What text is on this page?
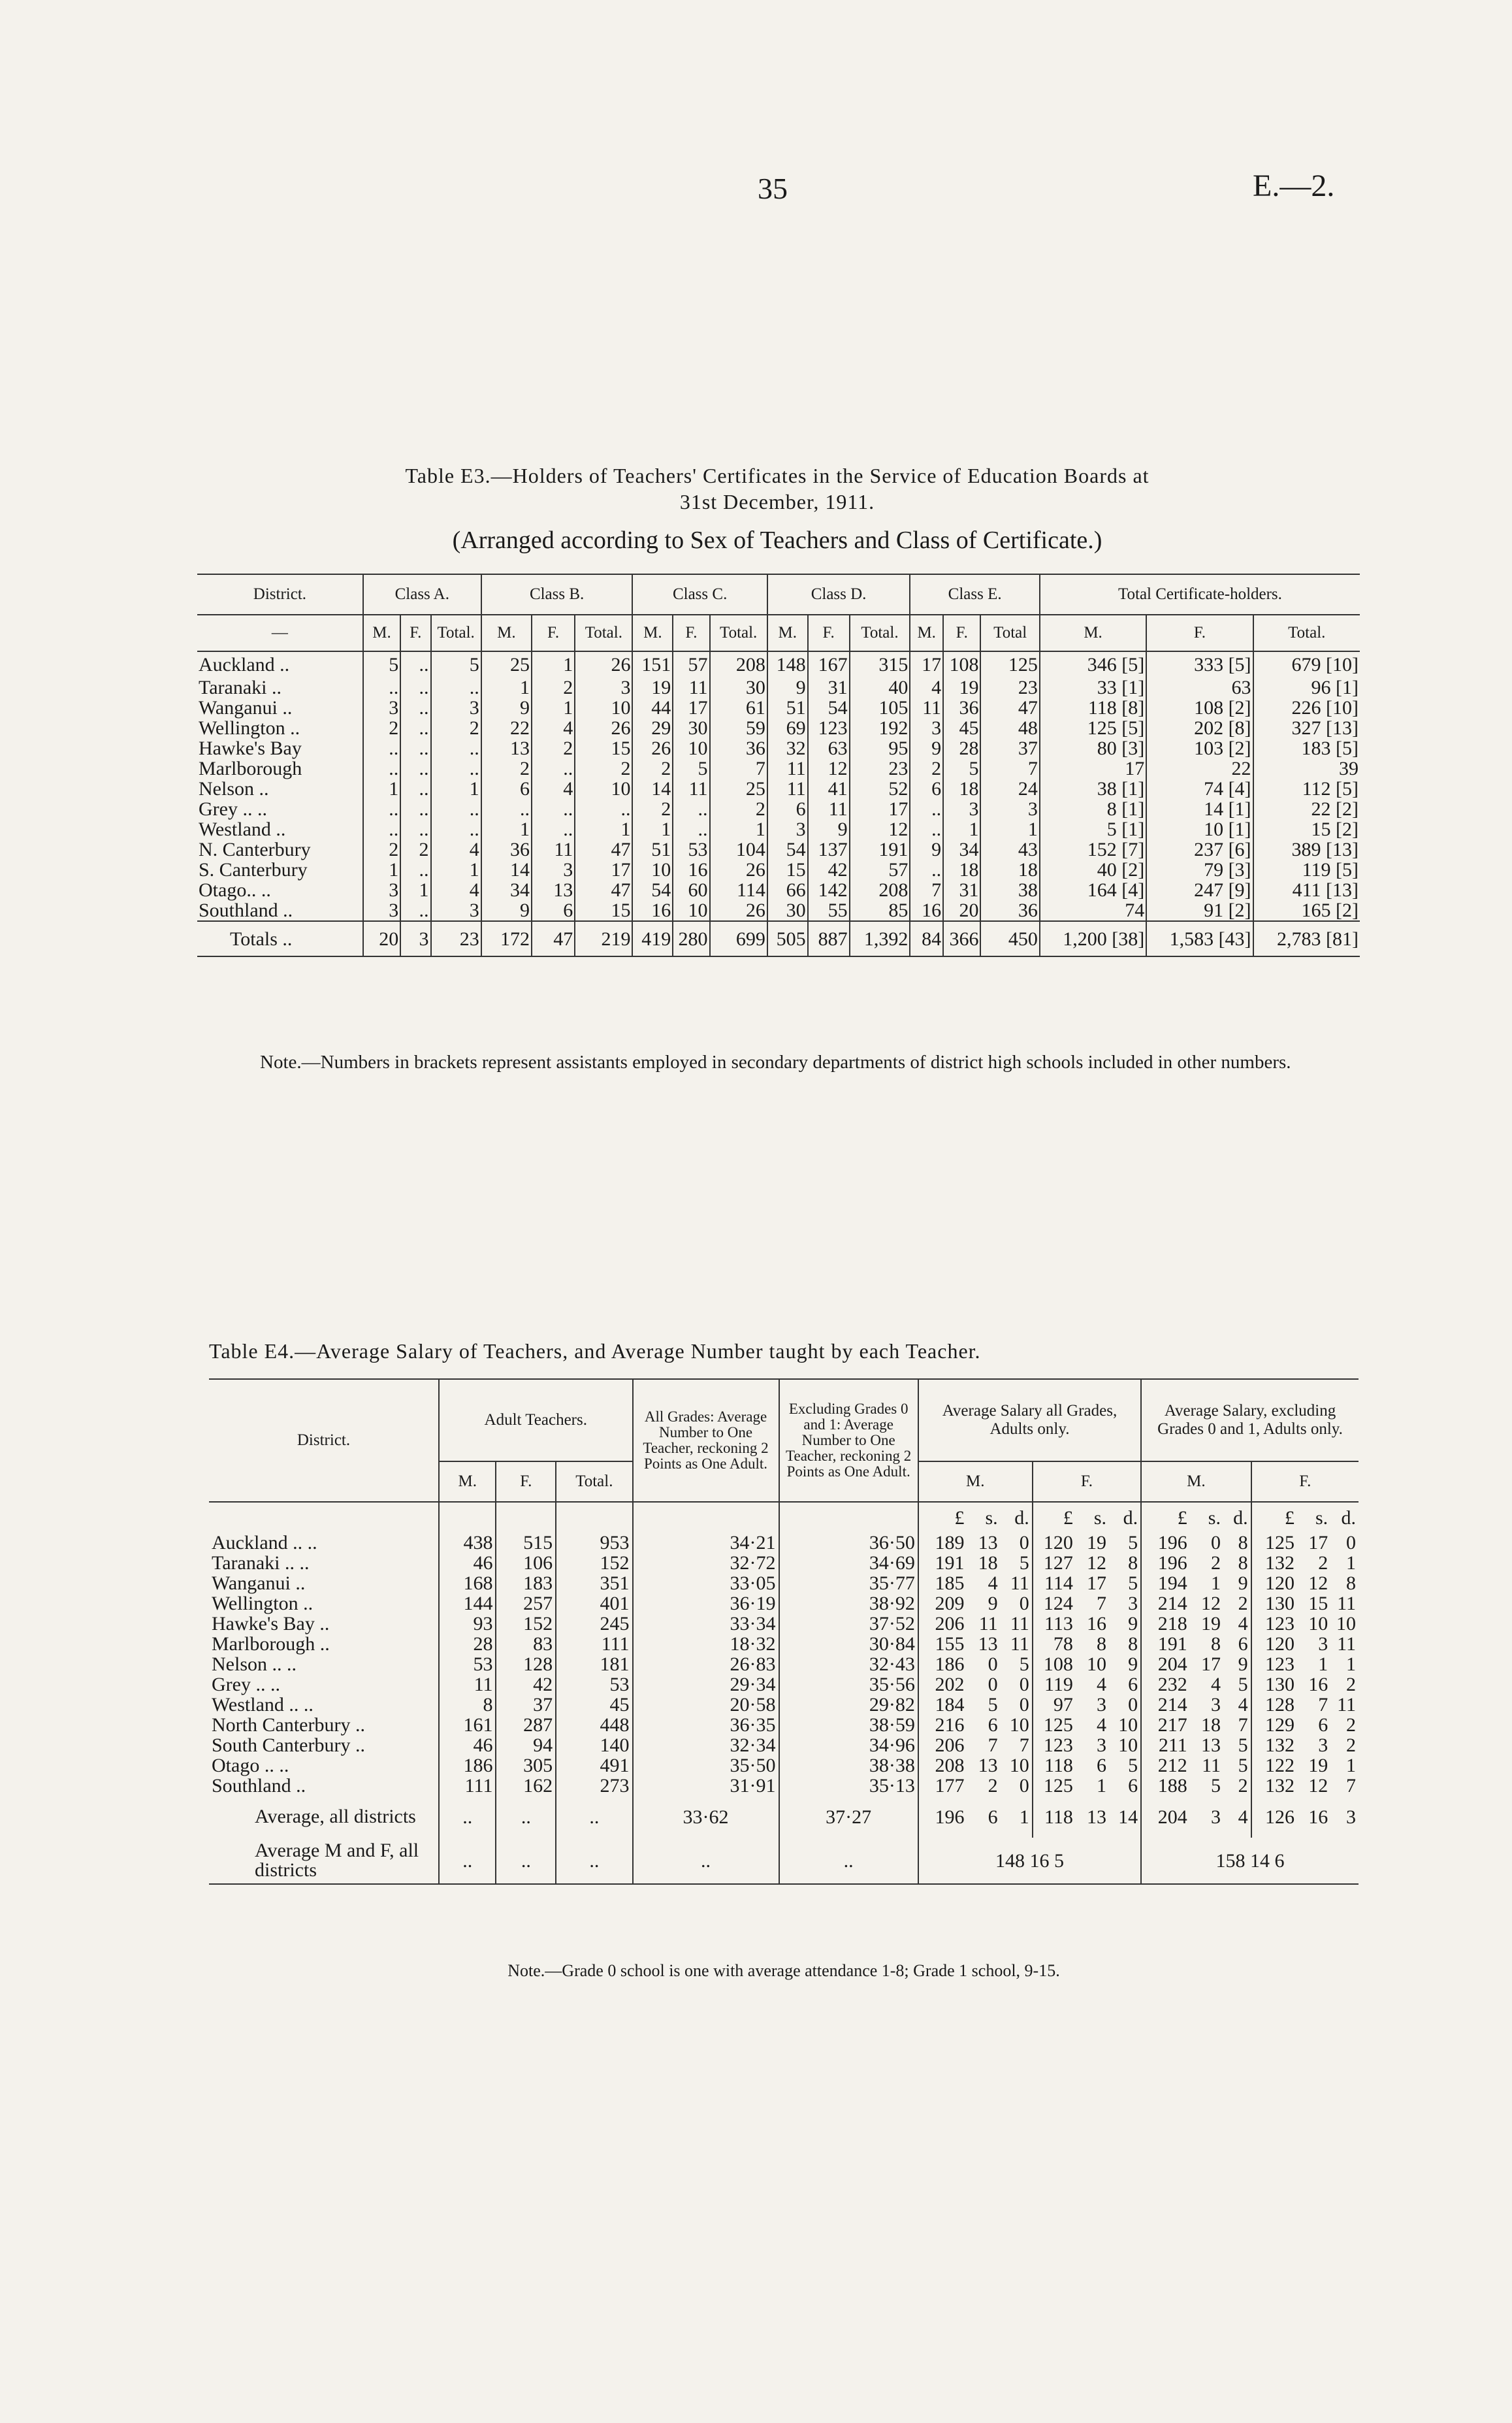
35	E.—2.
Table E3.—Holders of Teachers' Certificates in the Service of Education Boards at
31st December, 1911.
(Arranged according to Sex of Teachers and Class of Certificate.)
District.	Class A.			Class B.			Class C.			Class D.			Class E.			Total Certificate-holders.		
—	M.	F.	Total.	M.	F.	Total.	M.	F.	Total.	M.	F.	Total.	M.	F.	Total	M.	F.	Total.
Auckland ..	5	..	5	25	1	26	151	57	208	148	167	315	17	108	125	346 [5]	333 [5]	679 [10]
Taranaki ..	..	..	..	1	2	3	19	11	30	9	31	40	4	19	23	33 [1]	63	96 [1]
Wanganui ..	3	..	3	9	1	10	44	17	61	51	54	105	11	36	47	118 [8]	108 [2]	226 [10]
Wellington ..	2	..	2	22	4	26	29	30	59	69	123	192	3	45	48	125 [5]	202 [8]	327 [13]
Hawke's Bay	..	..	..	13	2	15	26	10	36	32	63	95	9	28	37	80 [3]	103 [2]	183 [5]
Marlborough	..	..	..	2	..	2	2	5	7	11	12	23	2	5	7	17	22	39
Nelson ..	1	..	1	6	4	10	14	11	25	11	41	52	6	18	24	38 [1]	74 [4]	112 [5]
Grey .. ..	..	..	..	..	..	..	2	..	2	6	11	17	..	3	3	8 [1]	14 [1]	22 [2]
Westland ..	..	..	..	1	..	1	1	..	1	3	9	12	..	1	1	5 [1]	10 [1]	15 [2]
N. Canterbury	2	2	4	36	11	47	51	53	104	54	137	191	9	34	43	152 [7]	237 [6]	389 [13]
S. Canterbury	1	..	1	14	3	17	10	16	26	15	42	57	..	18	18	40 [2]	79 [3]	119 [5]
Otago.. ..	3	1	4	34	13	47	54	60	114	66	142	208	7	31	38	164 [4]	247 [9]	411 [13]
Southland ..	3	..	3	9	6	15	16	10	26	30	55	85	16	20	36	74	91 [2]	165 [2]
Totals ..	20	3	23	172	47	219	419	280	699	505	887	1,392	84	366	450	1,200 [38]	1,583 [43]	2,783 [81]
Note.—Numbers in brackets represent assistants employed in secondary departments of district high schools included in other numbers.
Table E4.—Average Salary of Teachers, and Average Number taught by each Teacher.
District.	Adult Teachers.			All Grades: Average Number to One Teacher, reckoning 2 Points as One Adult.	Excluding Grades 0 and 1: Average Number to One Teacher, reckoning 2 Points as One Adult.	Average Salary all Grades, Adults only.						Average Salary, excluding Grades 0 and 1, Adults only.					
	M.	F.	Total.			M.			F.			M.			F.		
						£	s.	d.	£	s.	d.	£	s.	d.	£	s.	d.
Auckland .. ..	438	515	953	34·21	36·50	189	13	0	120	19	5	196	0	8	125	17	0
Taranaki .. ..	46	106	152	32·72	34·69	191	18	5	127	12	8	196	2	8	132	2	1
Wanganui ..	168	183	351	33·05	35·77	185	4	11	114	17	5	194	1	9	120	12	8
Wellington ..	144	257	401	36·19	38·92	209	9	0	124	7	3	214	12	2	130	15	11
Hawke's Bay ..	93	152	245	33·34	37·52	206	11	11	113	16	9	218	19	4	123	10	10
Marlborough ..	28	83	111	18·32	30·84	155	13	11	78	8	8	191	8	6	120	3	11
Nelson .. ..	53	128	181	26·83	32·43	186	0	5	108	10	9	204	17	9	123	1	1
Grey .. ..	11	42	53	29·34	35·56	202	0	0	119	4	6	232	4	5	130	16	2
Westland .. ..	8	37	45	20·58	29·82	184	5	0	97	3	0	214	3	4	128	7	11
North Canterbury ..	161	287	448	36·35	38·59	216	6	10	125	4	10	217	18	7	129	6	2
South Canterbury ..	46	94	140	32·34	34·96	206	7	7	123	3	10	211	13	5	132	3	2
Otago .. ..	186	305	491	35·50	38·38	208	13	10	118	6	5	212	11	5	122	19	1
Southland ..	111	162	273	31·91	35·13	177	2	0	125	1	6	188	5	2	132	12	7
Average, all districts	..	..	..	33·62	37·27	196	6	1	118	13	14	204	3	4	126	16	3
Average M and F, all districts	..	..	..	..	..	148 16 5						158 14 6					
Note.—Grade 0 school is one with average attendance 1-8; Grade 1 school, 9-15.
